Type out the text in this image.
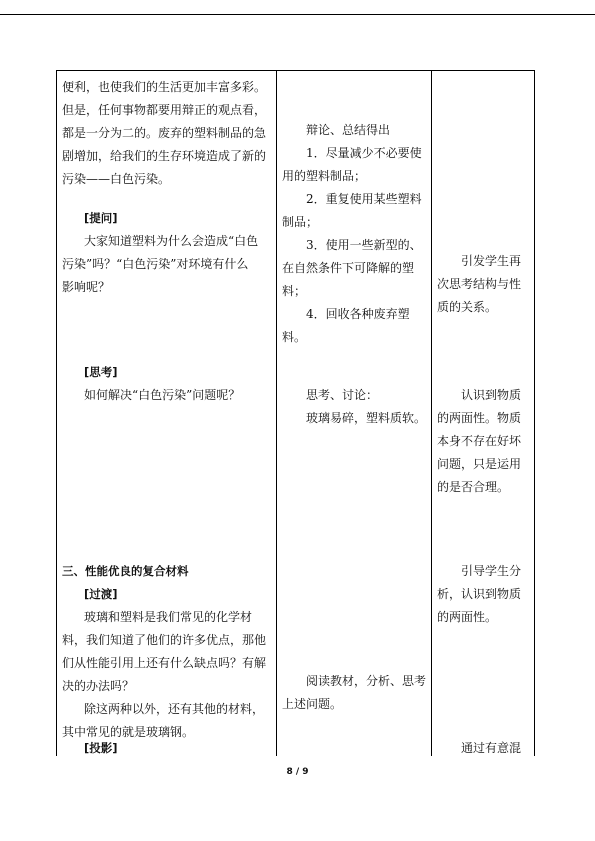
便利，也使我们的生活更加丰富多彩。
但是，任何事物都要用辩正的观点看，
都是一分为二的。废弃的塑料制品的急
剧增加，给我们的生存环境造成了新的
污染——白色污染。
[提问]
大家知道塑料为什么会造成“白色
污染”吗？“白色污染”对环境有什么
影响呢？
[思考]
如何解决“白色污染”问题呢？
三、性能优良的复合材料
[过渡]
玻璃和塑料是我们常见的化学材
料，我们知道了他们的许多优点，那他
们从性能引用上还有什么缺点吗？有解
决的办法吗？
除这两种以外，还有其他的材料，
其中常见的就是玻璃钢。
[投影]
辩论、总结得出
1．尽量减少不必要使
用的塑料制品；
2．重复使用某些塑料
制品；
3．使用一些新型的、
在自然条件下可降解的塑
料；
4．回收各种废弃塑
料。
思考、讨论：
玻璃易碎，塑料质软。
阅读教材，分析、思考
上述问题。
引发学生再
次思考结构与性
质的关系。
认识到物质
的两面性。物质
本身不存在好坏
问题，只是运用
的是否合理。
引导学生分
析，认识到物质
的两面性。
通过有意混
8 / 9
